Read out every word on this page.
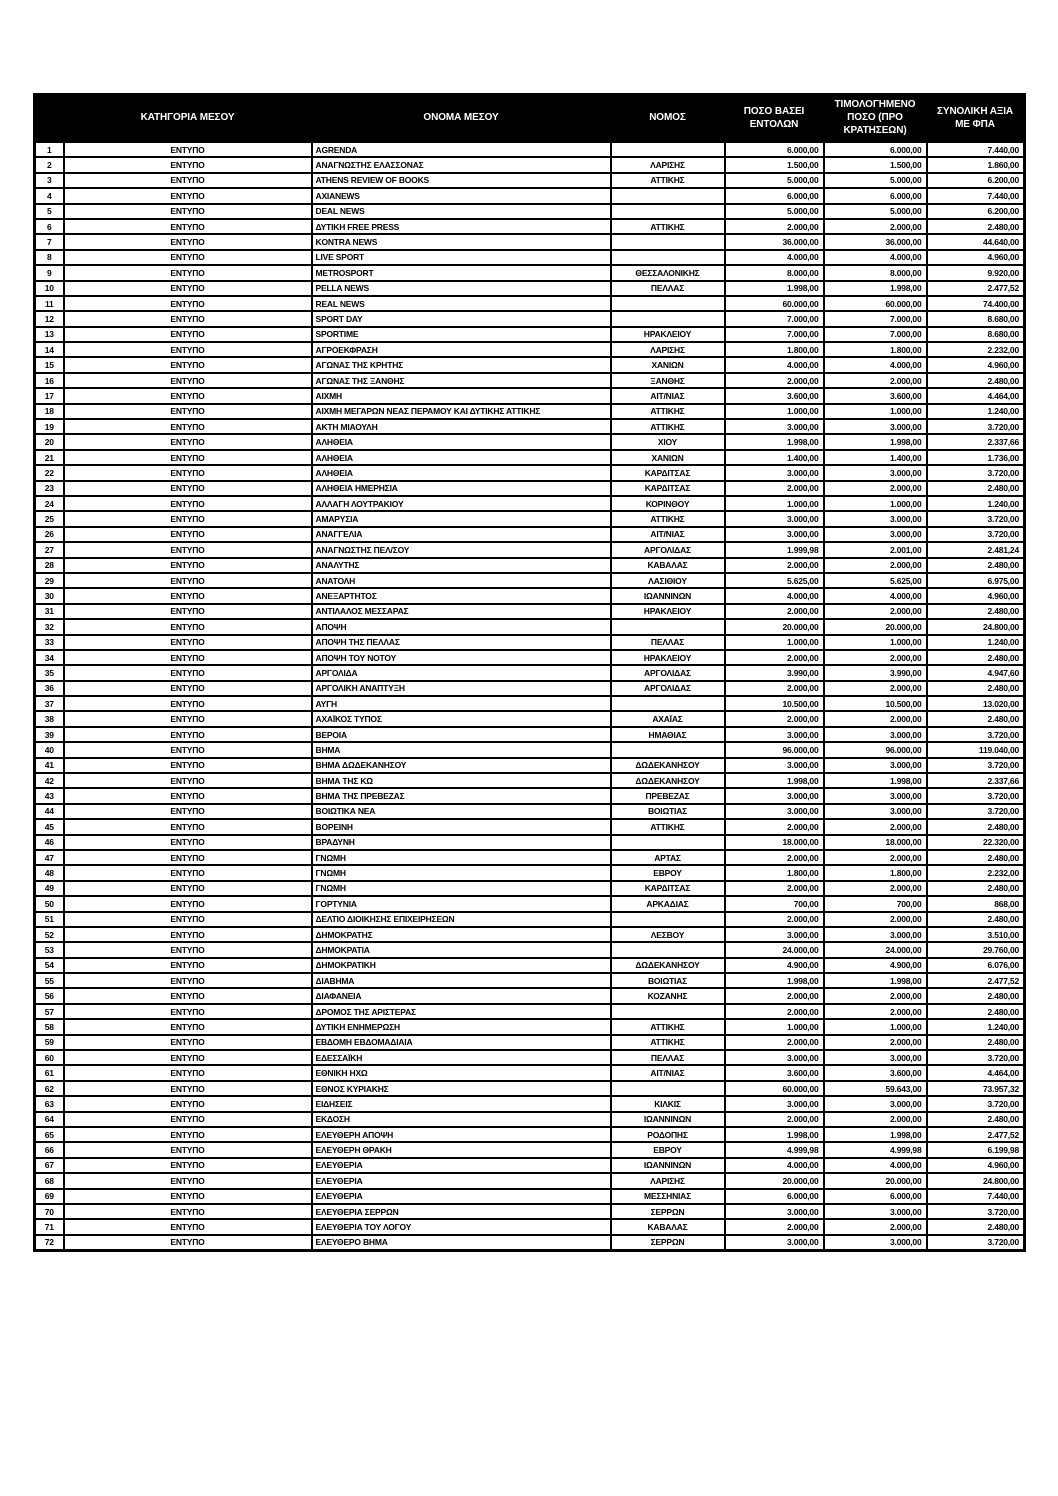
	ΚΑΤΗΓΟΡΙΑ ΜΕΣΟΥ	ΟΝΟΜΑ ΜΕΣΟΥ	ΝΟΜΟΣ	ΠΟΣΟ ΒΑΣΕΙ ΕΝΤΟΛΩΝ	ΤΙΜΟΛΟΓΗΜΕΝΟ ΠΟΣΟ (ΠΡΟ ΚΡΑΤΗΣΕΩΝ)	ΣΥΝΟΛΙΚΗ ΑΞΙΑ ΜΕ ΦΠΑ
1	ΕΝΤΥΠΟ	AGRENDA		6.000,00	6.000,00	7.440,00
2	ΕΝΤΥΠΟ	ΑΝΑΓΝΩΣΤΗΣ ΕΛΑΣΣΟΝΑΣ	ΛΑΡΙΣΗΣ	1.500,00	1.500,00	1.860,00
3	ΕΝΤΥΠΟ	ATHENS REVIEW OF BOOKS	ΑΤΤΙΚΗΣ	5.000,00	5.000,00	6.200,00
4	ΕΝΤΥΠΟ	AXIANEWS		6.000,00	6.000,00	7.440,00
5	ΕΝΤΥΠΟ	DEAL NEWS		5.000,00	5.000,00	6.200,00
6	ΕΝΤΥΠΟ	ΔΥΤΙΚΗ FREE PRESS	ΑΤΤΙΚΗΣ	2.000,00	2.000,00	2.480,00
7	ΕΝΤΥΠΟ	KONTRA NEWS		36.000,00	36.000,00	44.640,00
8	ΕΝΤΥΠΟ	LIVE SPORT		4.000,00	4.000,00	4.960,00
9	ΕΝΤΥΠΟ	METROSPORT	ΘΕΣΣΑΛΟΝΙΚΗΣ	8.000,00	8.000,00	9.920,00
10	ΕΝΤΥΠΟ	PELLA NEWS	ΠΕΛΛΑΣ	1.998,00	1.998,00	2.477,52
11	ΕΝΤΥΠΟ	REAL NEWS		60.000,00	60.000,00	74.400,00
12	ΕΝΤΥΠΟ	SPORT DAY		7.000,00	7.000,00	8.680,00
13	ΕΝΤΥΠΟ	SPORTIME	ΗΡΑΚΛΕΙΟΥ	7.000,00	7.000,00	8.680,00
14	ΕΝΤΥΠΟ	ΑΓΡΟΕΚΦΡΑΣΗ	ΛΑΡΙΣΗΣ	1.800,00	1.800,00	2.232,00
15	ΕΝΤΥΠΟ	ΑΓΩΝΑΣ ΤΗΣ ΚΡΗΤΗΣ	ΧΑΝΙΩΝ	4.000,00	4.000,00	4.960,00
16	ΕΝΤΥΠΟ	ΑΓΩΝΑΣ ΤΗΣ ΞΑΝΘΗΣ	ΞΑΝΘΗΣ	2.000,00	2.000,00	2.480,00
17	ΕΝΤΥΠΟ	ΑΙΧΜΗ	ΑΙΤ/ΝΙΑΣ	3.600,00	3.600,00	4.464,00
18	ΕΝΤΥΠΟ	ΑΙΧΜΗ ΜΕΓΑΡΩΝ ΝΕΑΣ ΠΕΡΑΜΟΥ ΚΑΙ ΔΥΤΙΚΗΣ ΑΤΤΙΚΗΣ	ΑΤΤΙΚΗΣ	1.000,00	1.000,00	1.240,00
19	ΕΝΤΥΠΟ	ΑΚΤΗ ΜΙΑΟΥΛΗ	ΑΤΤΙΚΗΣ	3.000,00	3.000,00	3.720,00
20	ΕΝΤΥΠΟ	ΑΛΗΘΕΙΑ	ΧΙΟΥ	1.998,00	1.998,00	2.337,66
21	ΕΝΤΥΠΟ	ΑΛΗΘΕΙΑ	ΧΑΝΙΩΝ	1.400,00	1.400,00	1.736,00
22	ΕΝΤΥΠΟ	ΑΛΗΘΕΙΑ	ΚΑΡΔΙΤΣΑΣ	3.000,00	3.000,00	3.720,00
23	ΕΝΤΥΠΟ	ΑΛΗΘΕΙΑ ΗΜΕΡΗΣΙΑ	ΚΑΡΔΙΤΣΑΣ	2.000,00	2.000,00	2.480,00
24	ΕΝΤΥΠΟ	ΑΛΛΑΓΗ ΛΟΥΤΡΑΚΙΟΥ	ΚΟΡΙΝΘΟΥ	1.000,00	1.000,00	1.240,00
25	ΕΝΤΥΠΟ	ΑΜΑΡΥΣΙΑ	ΑΤΤΙΚΗΣ	3.000,00	3.000,00	3.720,00
26	ΕΝΤΥΠΟ	ΑΝΑΓΓΕΛΙΑ	ΑΙΤ/ΝΙΑΣ	3.000,00	3.000,00	3.720,00
27	ΕΝΤΥΠΟ	ΑΝΑΓΝΩΣΤΗΣ ΠΕΛ/ΣΟΥ	ΑΡΓΟΛΙΔΑΣ	1.999,98	2.001,00	2.481,24
28	ΕΝΤΥΠΟ	ΑΝΑΛΥΤΗΣ	ΚΑΒΑΛΑΣ	2.000,00	2.000,00	2.480,00
29	ΕΝΤΥΠΟ	ΑΝΑΤΟΛΗ	ΛΑΣΙΘΙΟΥ	5.625,00	5.625,00	6.975,00
30	ΕΝΤΥΠΟ	ΑΝΕΞΑΡΤΗΤΟΣ	ΙΩΑΝΝΙΝΩΝ	4.000,00	4.000,00	4.960,00
31	ΕΝΤΥΠΟ	ΑΝΤΙΛΑΛΟΣ ΜΕΣΣΑΡΑΣ	ΗΡΑΚΛΕΙΟΥ	2.000,00	2.000,00	2.480,00
32	ΕΝΤΥΠΟ	ΑΠΟΨΗ		20.000,00	20.000,00	24.800,00
33	ΕΝΤΥΠΟ	ΑΠΟΨΗ ΤΗΣ ΠΕΛΛΑΣ	ΠΕΛΛΑΣ	1.000,00	1.000,00	1.240,00
34	ΕΝΤΥΠΟ	ΑΠΟΨΗ ΤΟΥ ΝΟΤΟΥ	ΗΡΑΚΛΕΙΟΥ	2.000,00	2.000,00	2.480,00
35	ΕΝΤΥΠΟ	ΑΡΓΟΛΙΔΑ	ΑΡΓΟΛΙΔΑΣ	3.990,00	3.990,00	4.947,60
36	ΕΝΤΥΠΟ	ΑΡΓΟΛΙΚΗ ΑΝΑΠΤΥΞΗ	ΑΡΓΟΛΙΔΑΣ	2.000,00	2.000,00	2.480,00
37	ΕΝΤΥΠΟ	ΑΥΓΗ		10.500,00	10.500,00	13.020,00
38	ΕΝΤΥΠΟ	ΑΧΑΪΚΟΣ ΤΥΠΟΣ	ΑΧΑΪΑΣ	2.000,00	2.000,00	2.480,00
39	ΕΝΤΥΠΟ	ΒΕΡΟΙΑ	ΗΜΑΘΙΑΣ	3.000,00	3.000,00	3.720,00
40	ΕΝΤΥΠΟ	ΒΗΜΑ		96.000,00	96.000,00	119.040,00
41	ΕΝΤΥΠΟ	ΒΗΜΑ ΔΩΔΕΚΑΝΗΣΟΥ	ΔΩΔΕΚΑΝΗΣΟΥ	3.000,00	3.000,00	3.720,00
42	ΕΝΤΥΠΟ	ΒΗΜΑ ΤΗΣ ΚΩ	ΔΩΔΕΚΑΝΗΣΟΥ	1.998,00	1.998,00	2.337,66
43	ΕΝΤΥΠΟ	ΒΗΜΑ ΤΗΣ ΠΡΕΒΕΖΑΣ	ΠΡΕΒΕΖΑΣ	3.000,00	3.000,00	3.720,00
44	ΕΝΤΥΠΟ	ΒΟΙΩΤΙΚΑ ΝΕΑ	ΒΟΙΩΤΙΑΣ	3.000,00	3.000,00	3.720,00
45	ΕΝΤΥΠΟ	ΒΟΡΕΙΝΗ	ΑΤΤΙΚΗΣ	2.000,00	2.000,00	2.480,00
46	ΕΝΤΥΠΟ	ΒΡΑΔΥΝΗ		18.000,00	18.000,00	22.320,00
47	ΕΝΤΥΠΟ	ΓΝΩΜΗ	ΑΡΤΑΣ	2.000,00	2.000,00	2.480,00
48	ΕΝΤΥΠΟ	ΓΝΩΜΗ	ΕΒΡΟΥ	1.800,00	1.800,00	2.232,00
49	ΕΝΤΥΠΟ	ΓΝΩΜΗ	ΚΑΡΔΙΤΣΑΣ	2.000,00	2.000,00	2.480,00
50	ΕΝΤΥΠΟ	ΓΟΡΤΥΝΙΑ	ΑΡΚΑΔΙΑΣ	700,00	700,00	868,00
51	ΕΝΤΥΠΟ	ΔΕΛΤΙΟ ΔΙΟΙΚΗΣΗΣ ΕΠΙΧΕΙΡΗΣΕΩΝ		2.000,00	2.000,00	2.480,00
52	ΕΝΤΥΠΟ	ΔΗΜΟΚΡΑΤΗΣ	ΛΕΣΒΟΥ	3.000,00	3.000,00	3.510,00
53	ΕΝΤΥΠΟ	ΔΗΜΟΚΡΑΤΙΑ		24.000,00	24.000,00	29.760,00
54	ΕΝΤΥΠΟ	ΔΗΜΟΚΡΑΤΙΚΗ	ΔΩΔΕΚΑΝΗΣΟΥ	4.900,00	4.900,00	6.076,00
55	ΕΝΤΥΠΟ	ΔΙΑΒΗΜΑ	ΒΟΙΩΤΙΑΣ	1.998,00	1.998,00	2.477,52
56	ΕΝΤΥΠΟ	ΔΙΑΦΑΝΕΙΑ	ΚΟΖΑΝΗΣ	2.000,00	2.000,00	2.480,00
57	ΕΝΤΥΠΟ	ΔΡΟΜΟΣ ΤΗΣ ΑΡΙΣΤΕΡΑΣ		2.000,00	2.000,00	2.480,00
58	ΕΝΤΥΠΟ	ΔΥΤΙΚΗ ΕΝΗΜΕΡΩΣΗ	ΑΤΤΙΚΗΣ	1.000,00	1.000,00	1.240,00
59	ΕΝΤΥΠΟ	ΕΒΔΟΜΗ ΕΒΔΟΜΑΔΙΑΙΑ	ΑΤΤΙΚΗΣ	2.000,00	2.000,00	2.480,00
60	ΕΝΤΥΠΟ	ΕΔΕΣΣΑΪΚΗ	ΠΕΛΛΑΣ	3.000,00	3.000,00	3.720,00
61	ΕΝΤΥΠΟ	ΕΘΝΙΚΗ ΗΧΩ	ΑΙΤ/ΝΙΑΣ	3.600,00	3.600,00	4.464,00
62	ΕΝΤΥΠΟ	ΕΘΝΟΣ ΚΥΡΙΑΚΗΣ		60.000,00	59.643,00	73.957,32
63	ΕΝΤΥΠΟ	ΕΙΔΗΣΕΙΣ	ΚΙΛΚΙΣ	3.000,00	3.000,00	3.720,00
64	ΕΝΤΥΠΟ	ΕΚΔΟΣΗ	ΙΩΑΝΝΙΝΩΝ	2.000,00	2.000,00	2.480,00
65	ΕΝΤΥΠΟ	ΕΛΕΥΘΕΡΗ ΑΠΟΨΗ	ΡΟΔΟΠΗΣ	1.998,00	1.998,00	2.477,52
66	ΕΝΤΥΠΟ	ΕΛΕΥΘΕΡΗ ΘΡΑΚΗ	ΕΒΡΟΥ	4.999,98	4.999,98	6.199,98
67	ΕΝΤΥΠΟ	ΕΛΕΥΘΕΡΙΑ	ΙΩΑΝΝΙΝΩΝ	4.000,00	4.000,00	4.960,00
68	ΕΝΤΥΠΟ	ΕΛΕΥΘΕΡΙΑ	ΛΑΡΙΣΗΣ	20.000,00	20.000,00	24.800,00
69	ΕΝΤΥΠΟ	ΕΛΕΥΘΕΡΙΑ	ΜΕΣΣΗΝΙΑΣ	6.000,00	6.000,00	7.440,00
70	ΕΝΤΥΠΟ	ΕΛΕΥΘΕΡΙΑ ΣΕΡΡΩΝ	ΣΕΡΡΩΝ	3.000,00	3.000,00	3.720,00
71	ΕΝΤΥΠΟ	ΕΛΕΥΘΕΡΙΑ ΤΟΥ ΛΟΓΟΥ	ΚΑΒΑΛΑΣ	2.000,00	2.000,00	2.480,00
72	ΕΝΤΥΠΟ	ΕΛΕΥΘΕΡΟ ΒΗΜΑ	ΣΕΡΡΩΝ	3.000,00	3.000,00	3.720,00
